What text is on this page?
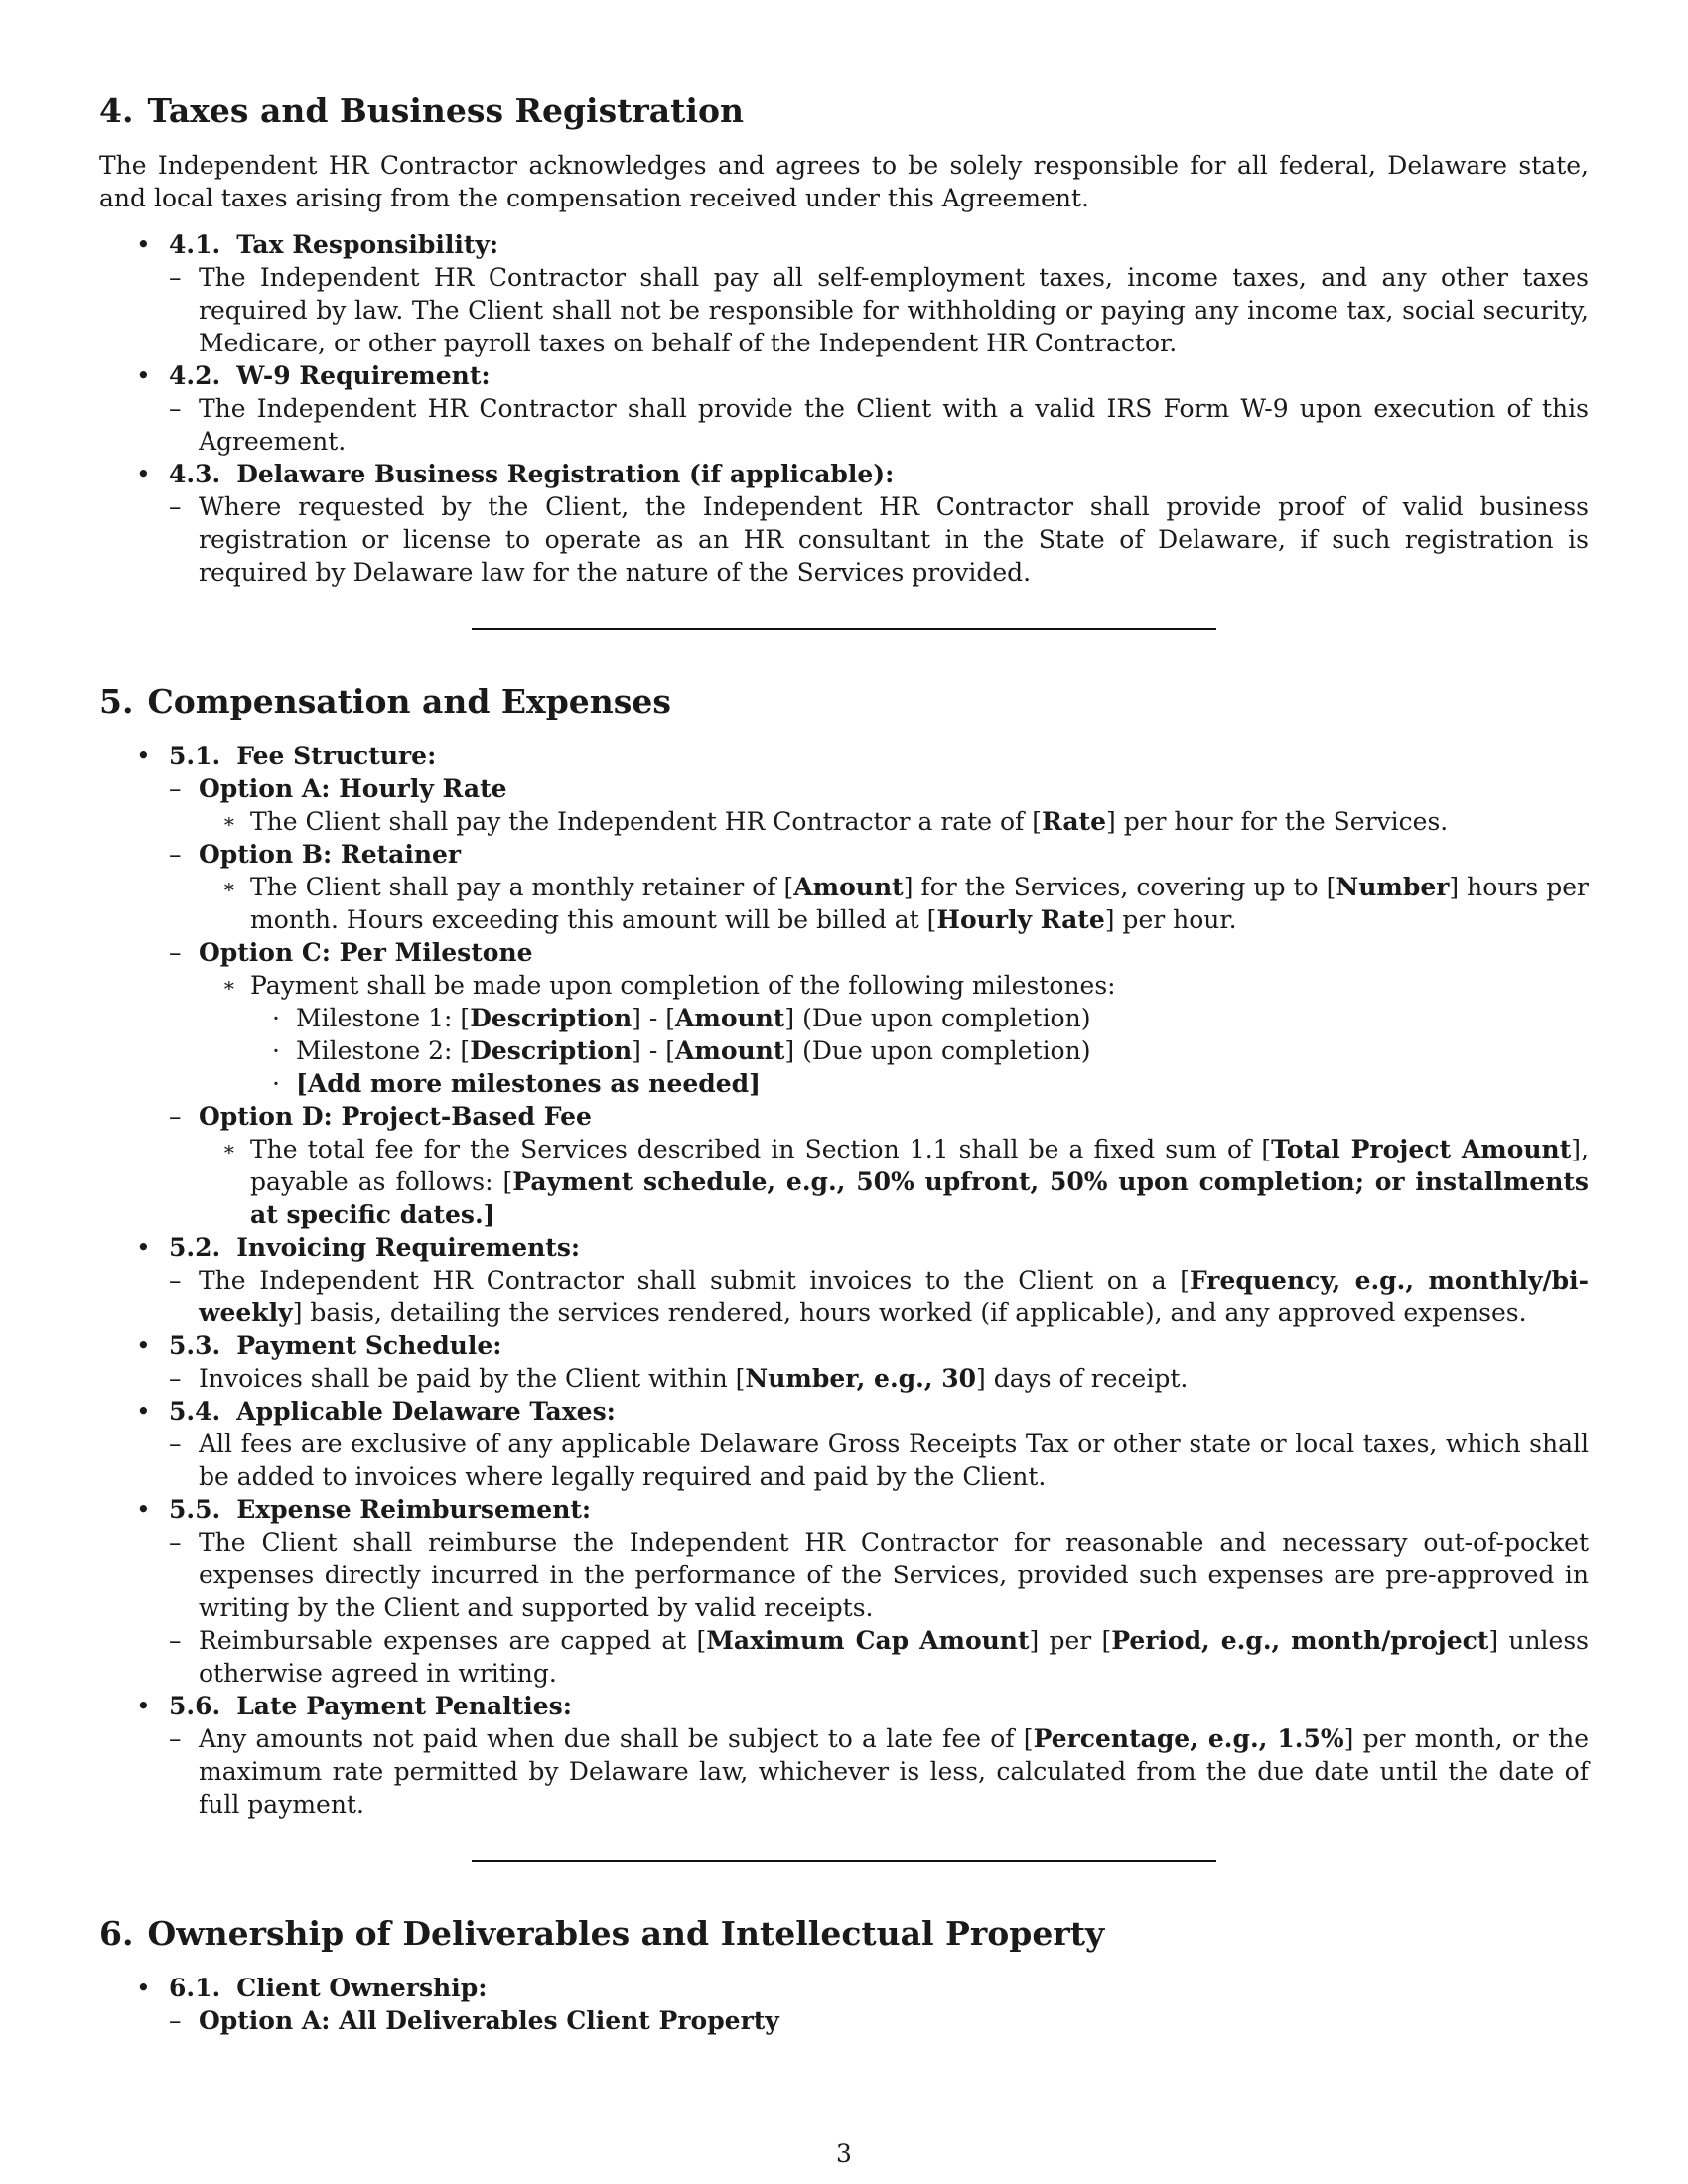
4. Taxes and Business Registration

The Independent HR Contractor acknowledges and agrees to be solely responsible for all federal, Delaware state, and local taxes arising from the compensation received under this Agreement.

• 4.1. Tax Responsibility:
– The Independent HR Contractor shall pay all self-employment taxes, income taxes, and any other taxes required by law. The Client shall not be responsible for withholding or paying any income tax, social security, Medicare, or other payroll taxes on behalf of the Independent HR Contractor.
• 4.2. W-9 Requirement:
– The Independent HR Contractor shall provide the Client with a valid IRS Form W-9 upon execution of this Agreement.
• 4.3. Delaware Business Registration (if applicable):
– Where requested by the Client, the Independent HR Contractor shall provide proof of valid business registration or license to operate as an HR consultant in the State of Delaware, if such registration is required by Delaware law for the nature of the Services provided.
5. Compensation and Expenses
• 5.1. Fee Structure:
– Option A: Hourly Rate
∗ The Client shall pay the Independent HR Contractor a rate of [Rate] per hour for the Services.
– Option B: Retainer
∗ The Client shall pay a monthly retainer of [Amount] for the Services, covering up to [Number] hours per month. Hours exceeding this amount will be billed at [Hourly Rate] per hour.
– Option C: Per Milestone
∗ Payment shall be made upon completion of the following milestones:
· Milestone 1: [Description] - [Amount] (Due upon completion)
· Milestone 2: [Description] - [Amount] (Due upon completion)
· [Add more milestones as needed]
– Option D: Project-Based Fee
∗ The total fee for the Services described in Section 1.1 shall be a fixed sum of [Total Project Amount], payable as follows: [Payment schedule, e.g., 50% upfront, 50% upon completion; or installments at specific dates.]
• 5.2. Invoicing Requirements:
– The Independent HR Contractor shall submit invoices to the Client on a [Frequency, e.g., monthly/bi-weekly] basis, detailing the services rendered, hours worked (if applicable), and any approved expenses.
• 5.3. Payment Schedule:
– Invoices shall be paid by the Client within [Number, e.g., 30] days of receipt.
• 5.4. Applicable Delaware Taxes:
– All fees are exclusive of any applicable Delaware Gross Receipts Tax or other state or local taxes, which shall be added to invoices where legally required and paid by the Client.
• 5.5. Expense Reimbursement:
– The Client shall reimburse the Independent HR Contractor for reasonable and necessary out-of-pocket expenses directly incurred in the performance of the Services, provided such expenses are pre-approved in writing by the Client and supported by valid receipts.
– Reimbursable expenses are capped at [Maximum Cap Amount] per [Period, e.g., month/project] unless otherwise agreed in writing.
• 5.6. Late Payment Penalties:
– Any amounts not paid when due shall be subject to a late fee of [Percentage, e.g., 1.5%] per month, or the maximum rate permitted by Delaware law, whichever is less, calculated from the due date until the date of full payment.
6. Ownership of Deliverables and Intellectual Property
• 6.1. Client Ownership:
– Option A: All Deliverables Client Property
3
